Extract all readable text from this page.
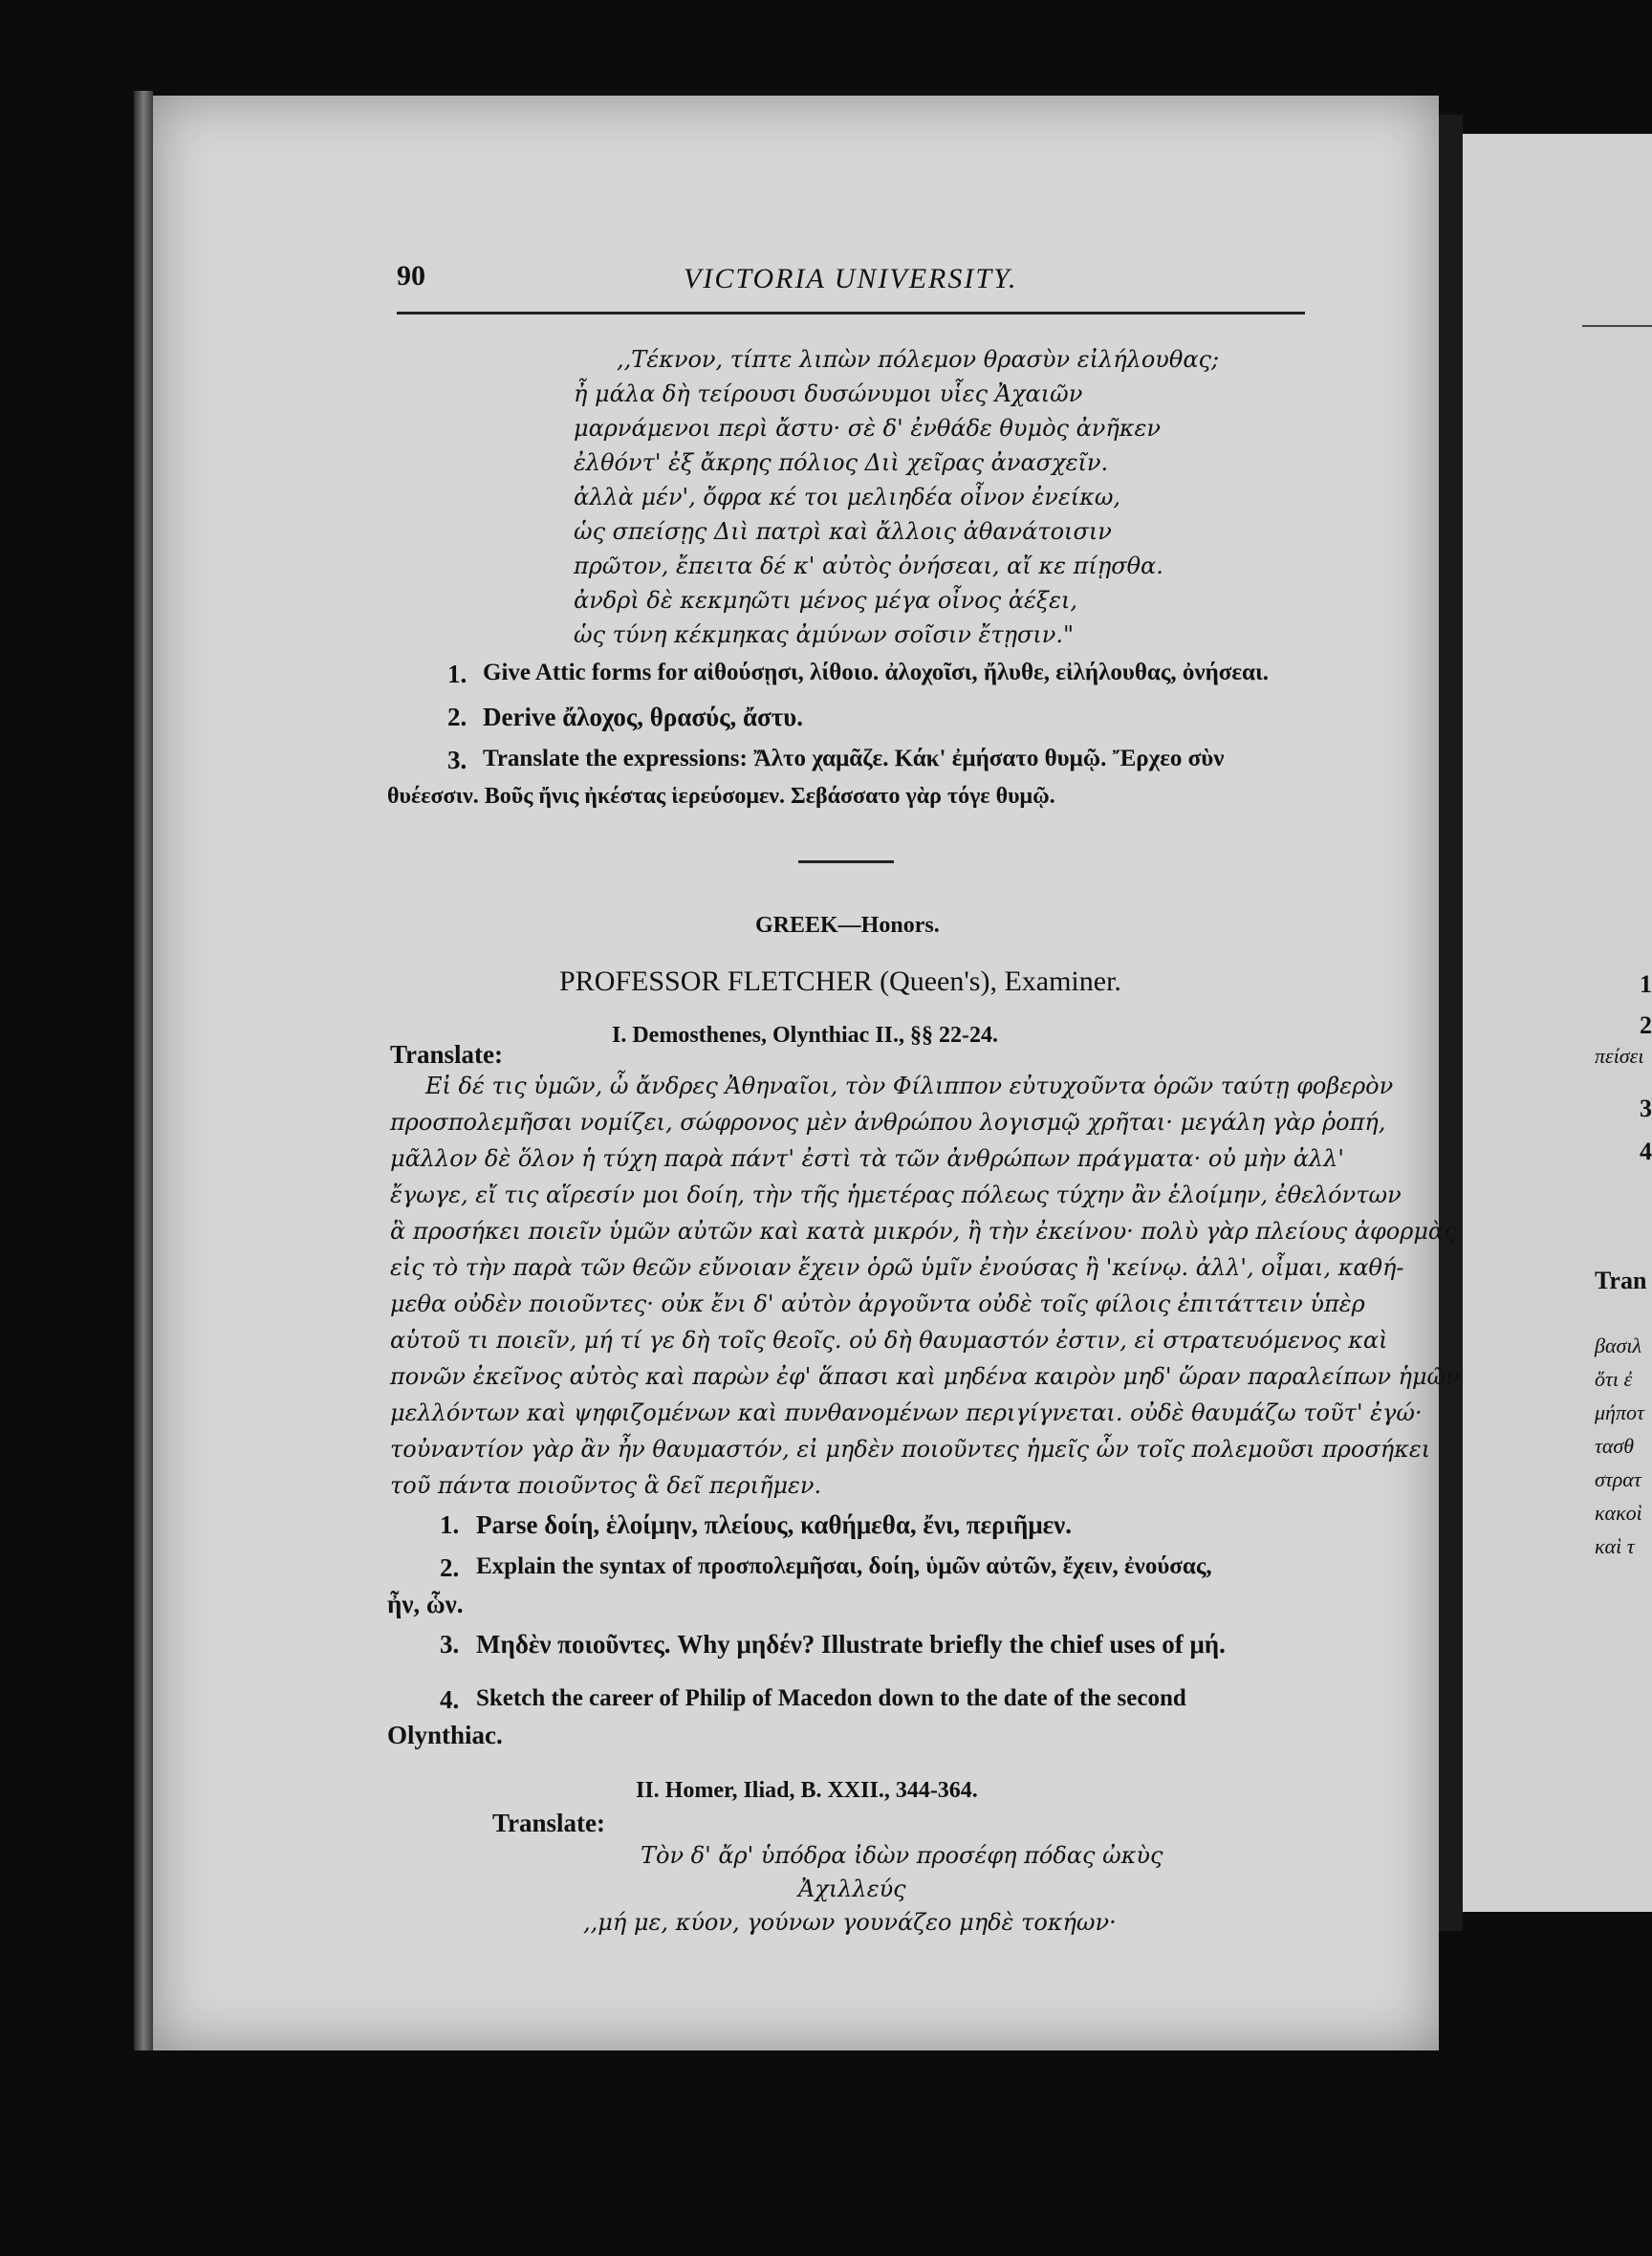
90	VICTORIA UNIVERSITY.
,,Τέκνον, τίπτε λιπὼν πόλεμον θρασὺν εἰλήλουθας;
ἦ μάλα δὴ τείρουσι δυσώνυμοι υἷες Ἀχαιῶν
μαρνάμενοι περὶ ἄστυ· σὲ δ' ἐνθάδε θυμὸς ἀνῆκεν
ἐλθόντ' ἐξ ἄκρης πόλιος Διὶ χεῖρας ἀνασχεῖν.
ἀλλὰ μέν', ὄφρα κέ τοι μελιηδέα οἶνον ἐνείκω,
ὡς σπείσῃς Διὶ πατρὶ καὶ ἄλλοις ἀθανάτοισιν
πρῶτον, ἔπειτα δέ κ' αὐτὸς ὀνήσεαι, αἴ κε πίῃσθα.
ἀνδρὶ δὲ κεκμηῶτι μένος μέγα οἶνος ἀέξει,
ὡς τύνη κέκμηκας ἀμύνων σοῖσιν ἔτῃσιν."
1. Give Attic forms for αἰθούσῃσι, λίθοιο. ἀλοχοῖσι, ἤλυθε, εἰλήλουθας, ὀνήσεαι.
2. Derive ἄλοχος, θρασύς, ἄστυ.
3. Translate the expressions: Ἄλτο χαμᾶζε. Κάκ' ἐμήσατο θυμῷ. Ἔρχεο σὺν
θυέεσσιν. Βοῦς ἤνις ἠκέστας ἱερεύσομεν. Σεβάσσατο γὰρ τόγε θυμῷ.
GREEK—Honors.
PROFESSOR FLETCHER (Queen's), Examiner.
I. Demosthenes, Olynthiac II., §§ 22-24.
Translate:
Εἰ δέ τις ὑμῶν, ὦ ἄνδρες Ἀθηναῖοι, τὸν Φίλιππον εὐτυχοῦντα ὁρῶν ταύτῃ φοβερὸν
προσπολεμῆσαι νομίζει, σώφρονος μὲν ἀνθρώπου λογισμῷ χρῆται· μεγάλη γὰρ ῥοπή,
μᾶλλον δὲ ὅλον ἡ τύχη παρὰ πάντ' ἐστὶ τὰ τῶν ἀνθρώπων πράγματα· οὐ μὴν ἀλλ'
ἔγωγε, εἴ τις αἵρεσίν μοι δοίη, τὴν τῆς ἡμετέρας πόλεως τύχην ἂν ἑλοίμην, ἐθελόντων
ἃ προσήκει ποιεῖν ὑμῶν αὐτῶν καὶ κατὰ μικρόν, ἢ τὴν ἐκείνου· πολὺ γὰρ πλείους ἀφορμὰς
εἰς τὸ τὴν παρὰ τῶν θεῶν εὔνοιαν ἔχειν ὁρῶ ὑμῖν ἐνούσας ἢ 'κείνῳ. ἀλλ', οἶμαι, καθή-
μεθα οὐδὲν ποιοῦντες· οὐκ ἔνι δ' αὐτὸν ἀργοῦντα οὐδὲ τοῖς φίλοις ἐπιτάττειν ὑπὲρ
αὑτοῦ τι ποιεῖν, μή τί γε δὴ τοῖς θεοῖς. οὐ δὴ θαυμαστόν ἐστιν, εἰ στρατευόμενος καὶ
πονῶν ἐκεῖνος αὐτὸς καὶ παρὼν ἐφ' ἅπασι καὶ μηδένα καιρὸν μηδ' ὥραν παραλείπων ἡμῶν
μελλόντων καὶ ψηφιζομένων καὶ πυνθανομένων περιγίγνεται. οὐδὲ θαυμάζω τοῦτ' ἐγώ·
τοὐναντίον γὰρ ἂν ἦν θαυμαστόν, εἰ μηδὲν ποιοῦντες ἡμεῖς ὧν τοῖς πολεμοῦσι προσήκει
τοῦ πάντα ποιοῦντος ἃ δεῖ περιῆμεν.
1. Parse δοίη, ἑλοίμην, πλείους, καθήμεθα, ἔνι, περιῆμεν.
2. Explain the syntax of προσπολεμῆσαι, δοίη, ὑμῶν αὐτῶν, ἔχειν, ἐνούσας,
ἦν, ὧν.
3. Μηδὲν ποιοῦντες. Why μηδέν? Illustrate briefly the chief uses of μή.
4. Sketch the career of Philip of Macedon down to the date of the second
Olynthiac.
II. Homer, Iliad, B. XXII., 344-364.
Translate:
Τὸν δ' ἄρ' ὑπόδρα ἰδὼν προσέφη πόδας ὠκὺς
Ἀχιλλεύς
,,μή με, κύον, γούνων γουνάζεο μηδὲ τοκήων·
1
2
πείσει
3
4
Tran
βασιλ
ὅτι ἐ
μήποτ
τασθ
στρατ
κακοὶ
καὶ τ
